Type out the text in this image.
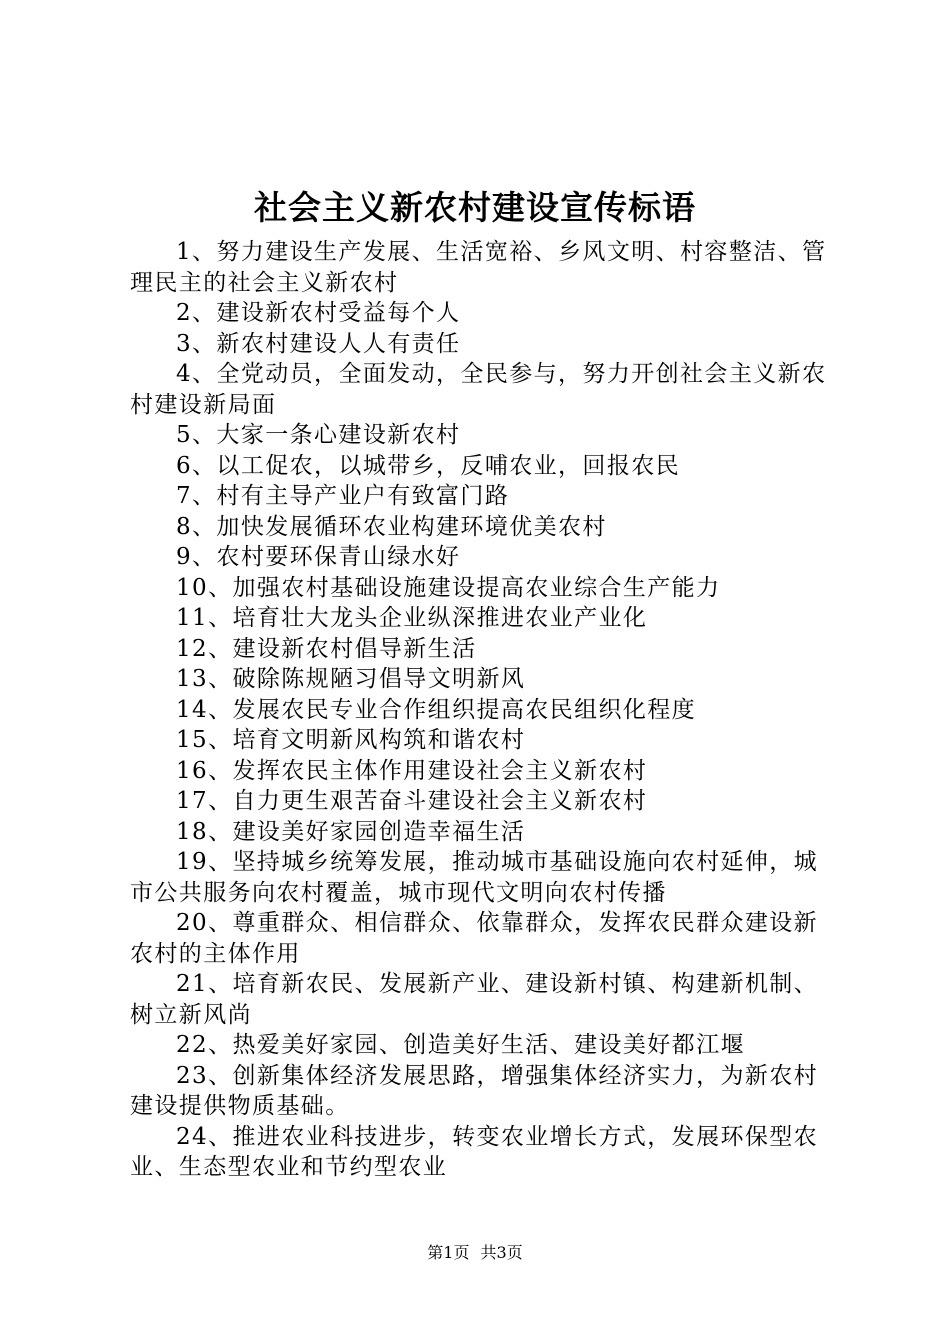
社会主义新农村建设宣传标语

1、努力建设生产发展、生活宽裕、乡风文明、村容整洁、管理民主的社会主义新农村

2、建设新农村受益每个人

3、新农村建设人人有责任

4、全党动员，全面发动，全民参与，努力开创社会主义新农村建设新局面

5、大家一条心建设新农村

6、以工促农，以城带乡，反哺农业，回报农民

7、村有主导产业户有致富门路

8、加快发展循环农业构建环境优美农村

9、农村要环保青山绿水好

10、加强农村基础设施建设提高农业综合生产能力

11、培育壮大龙头企业纵深推进农业产业化

12、建设新农村倡导新生活

13、破除陈规陋习倡导文明新风

14、发展农民专业合作组织提高农民组织化程度

15、培育文明新风构筑和谐农村

16、发挥农民主体作用建设社会主义新农村

17、自力更生艰苦奋斗建设社会主义新农村

18、建设美好家园创造幸福生活

19、坚持城乡统筹发展，推动城市基础设施向农村延伸，城市公共服务向农村覆盖，城市现代文明向农村传播

20、尊重群众、相信群众、依靠群众，发挥农民群众建设新农村的主体作用

21、培育新农民、发展新产业、建设新村镇、构建新机制、树立新风尚

22、热爱美好家园、创造美好生活、建设美好都江堰

23、创新集体经济发展思路，增强集体经济实力，为新农村建设提供物质基础。

24、推进农业科技进步，转变农业增长方式，发展环保型农业、生态型农业和节约型农业

第1页 共3页
